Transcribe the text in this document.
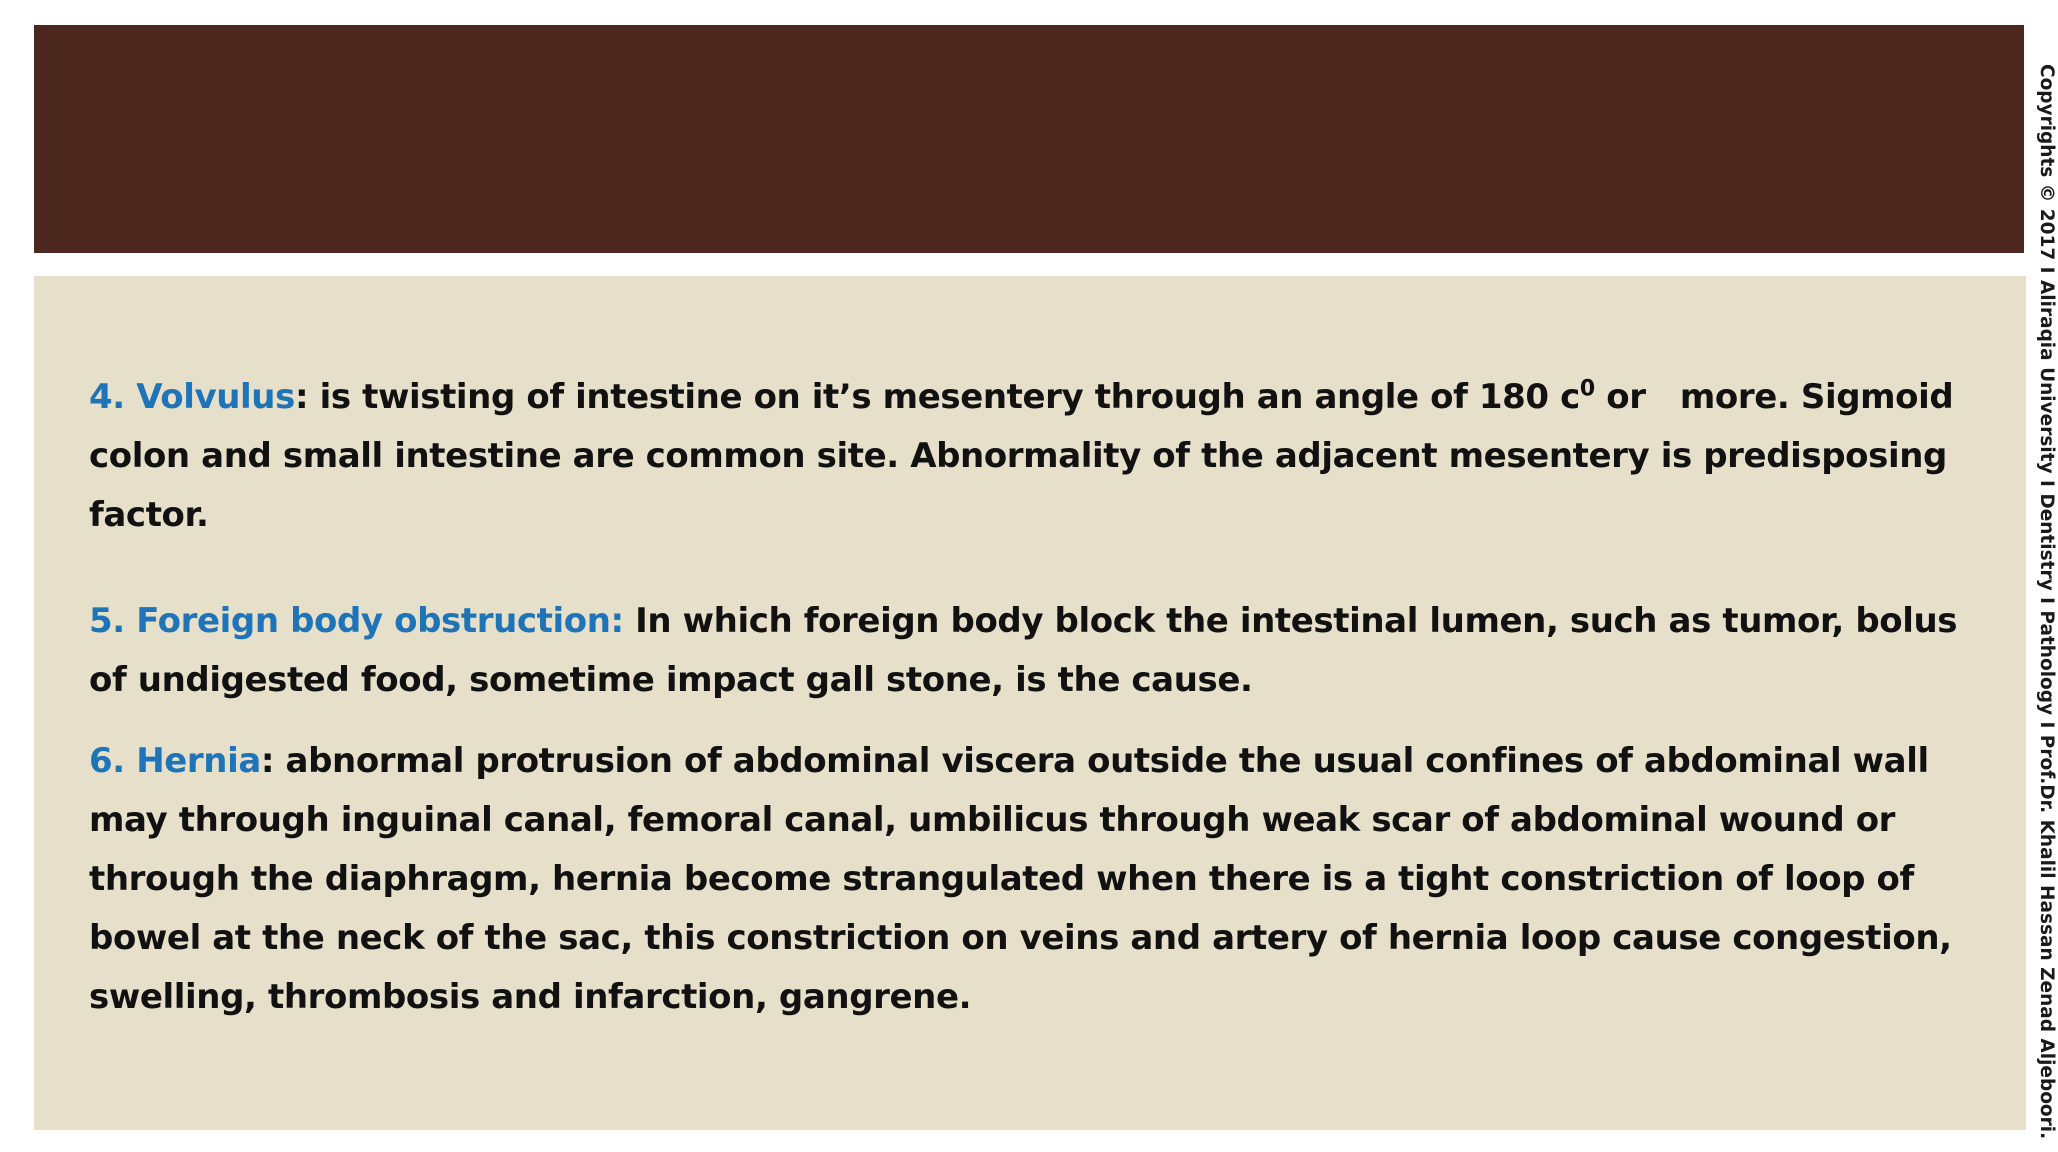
4. Volvulus: is twisting of intestine on it’s mesentery through an angle of 180 $c^0$ or   more. Sigmoid colon and small intestine are common site. Abnormality of the adjacent mesentery is predisposing factor.

5. Foreign body obstruction: In which foreign body block the intestinal lumen, such as tumor, bolus of undigested food, sometime impact gall stone, is the cause.

6. Hernia: abnormal protrusion of abdominal viscera outside the usual confines of abdominal wall may through inguinal canal, femoral canal, umbilicus through weak scar of abdominal wound or through the diaphragm, hernia become strangulated when there is a tight constriction of loop of bowel at the neck of the sac, this constriction on veins and artery of hernia loop cause congestion, swelling, thrombosis and infarction, gangrene.	Copyrights © 2017 I Aliraqia University I Dentistry I Pathology I Prof.Dr. Khalil Hassan Zenad Aljeboori.
